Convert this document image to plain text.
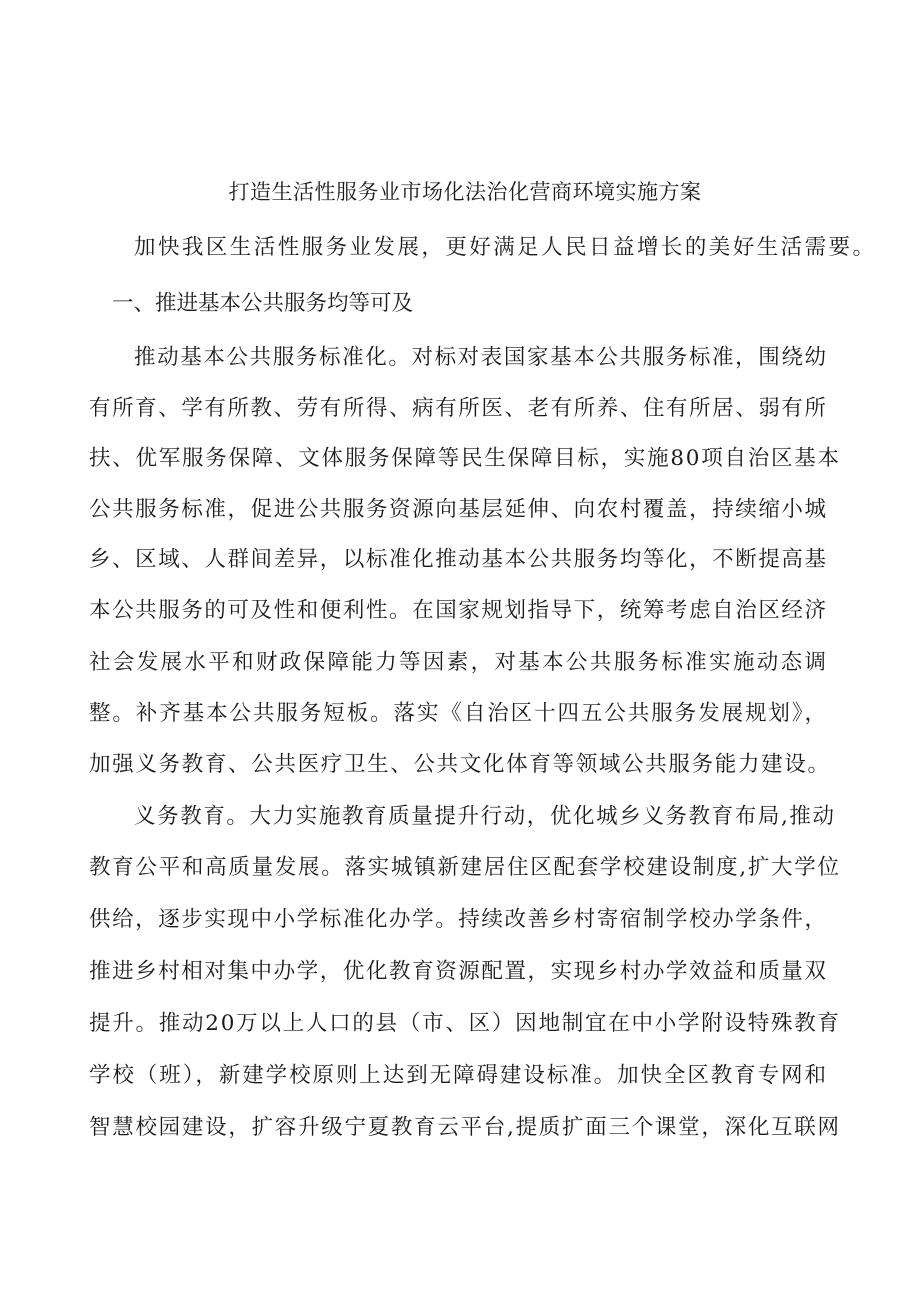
打造生活性服务业市场化法治化营商环境实施方案
加快我区生活性服务业发展，更好满足人民日益增长的美好生活需要。
一、推进基本公共服务均等可及
推动基本公共服务标准化。对标对表国家基本公共服务标准，围绕幼
有所育、学有所教、劳有所得、病有所医、老有所养、住有所居、弱有所
扶、优军服务保障、文体服务保障等民生保障目标，实施80项自治区基本
公共服务标准，促进公共服务资源向基层延伸、向农村覆盖，持续缩小城
乡、区域、人群间差异，以标准化推动基本公共服务均等化，不断提高基
本公共服务的可及性和便利性。在国家规划指导下，统筹考虑自治区经济
社会发展水平和财政保障能力等因素，对基本公共服务标准实施动态调
整。补齐基本公共服务短板。落实《自治区十四五公共服务发展规划》，
加强义务教育、公共医疗卫生、公共文化体育等领域公共服务能力建设。
义务教育。大力实施教育质量提升行动，优化城乡义务教育布局,推动
教育公平和高质量发展。落实城镇新建居住区配套学校建设制度,扩大学位
供给，逐步实现中小学标准化办学。持续改善乡村寄宿制学校办学条件，
推进乡村相对集中办学，优化教育资源配置，实现乡村办学效益和质量双
提升。推动20万以上人口的县（市、区）因地制宜在中小学附设特殊教育
学校（班），新建学校原则上达到无障碍建设标准。加快全区教育专网和
智慧校园建设，扩容升级宁夏教育云平台,提质扩面三个课堂，深化互联网
